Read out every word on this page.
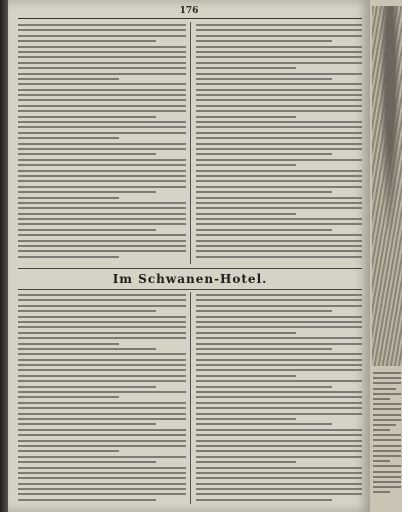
176
Im Schwanen-Hotel.
